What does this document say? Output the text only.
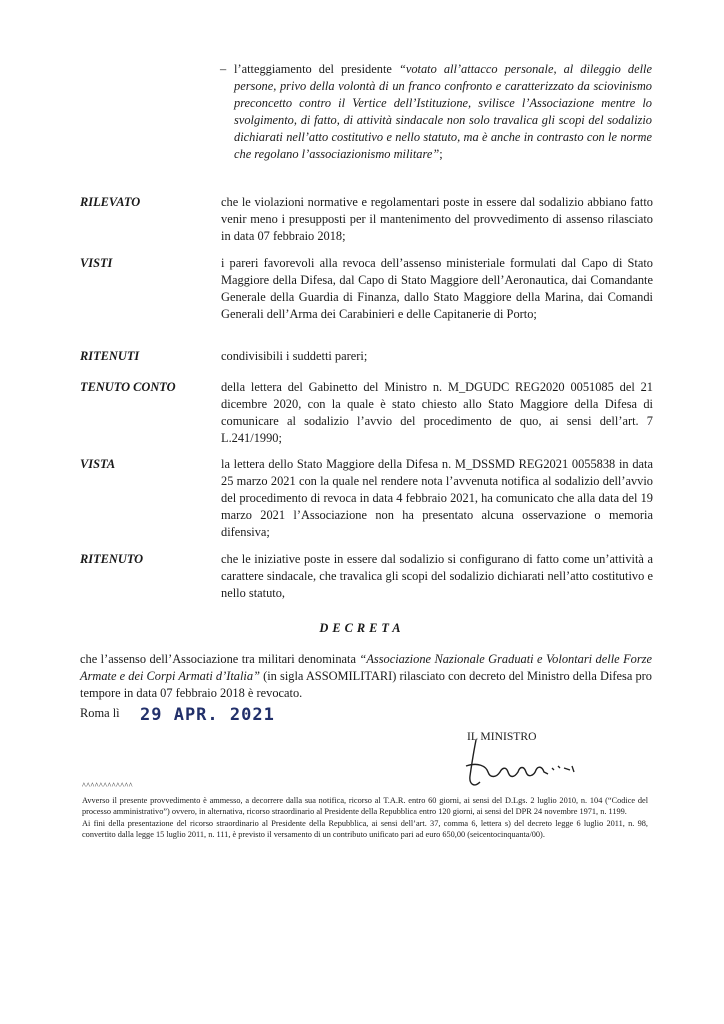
– l’atteggiamento del presidente “votato all’attacco personale, al dileggio delle persone, privo della volontà di un franco confronto e caratterizzato da sciovinismo preconcetto contro il Vertice dell’Istituzione, svilisce l’Associazione mentre lo svolgimento, di fatto, di attività sindacale non solo travalica gli scopi del sodalizio dichiarati nell’atto costitutivo e nello statuto, ma è anche in contrasto con le norme che regolano l’associazionismo militare”;
RILEVATO	che le violazioni normative e regolamentari poste in essere dal sodalizio abbiano fatto venir meno i presupposti per il mantenimento del provvedimento di assenso rilasciato in data 07 febbraio 2018;
VISTI	i pareri favorevoli alla revoca dell’assenso ministeriale formulati dal Capo di Stato Maggiore della Difesa, dal Capo di Stato Maggiore dell’Aeronautica, dai Comandante Generale della Guardia di Finanza, dallo Stato Maggiore della Marina, dai Comandi Generali dell’Arma dei Carabinieri e delle Capitanerie di Porto;
RITENUTI	condivisibili i suddetti pareri;
TENUTO CONTO	della lettera del Gabinetto del Ministro n. M_DGUDC REG2020 0051085 del 21 dicembre 2020, con la quale è stato chiesto allo Stato Maggiore della Difesa di comunicare al sodalizio l’avvio del procedimento de quo, ai sensi dell’art. 7 L.241/1990;
VISTA	la lettera dello Stato Maggiore della Difesa n. M_DSSMD REG2021 0055838 in data 25 marzo 2021 con la quale nel rendere nota l’avvenuta notifica al sodalizio dell’avvio del procedimento di revoca in data 4 febbraio 2021, ha comunicato che alla data del 19 marzo 2021 l’Associazione non ha presentato alcuna osservazione o memoria difensiva;
RITENUTO	che le iniziative poste in essere dal sodalizio si configurano di fatto come un’attività a carattere sindacale, che travalica gli scopi del sodalizio dichiarati nell’atto costitutivo e nello statuto,
DECRETA
che l’assenso dell’Associazione tra militari denominata “Associazione Nazionale Graduati e Volontari delle Forze Armate e dei Corpi Armati d’Italia” (in sigla ASSOMILITARI) rilasciato con decreto del Ministro della Difesa pro tempore in data 07 febbraio 2018 è revocato.
Roma lì 29 APR. 2021
IL MINISTRO
^^^^^^^^^^^^

Avverso il presente provvedimento è ammesso, a decorrere dalla sua notifica, ricorso al T.A.R. entro 60 giorni, ai sensi del D.Lgs. 2 luglio 2010, n. 104 (“Codice del processo amministrativo”) ovvero, in alternativa, ricorso straordinario al Presidente della Repubblica entro 120 giorni, ai sensi del DPR 24 novembre 1971, n. 1199.

Ai fini della presentazione del ricorso straordinario al Presidente della Repubblica, ai sensi dell’art. 37, comma 6, lettera s) del decreto legge 6 luglio 2011, n. 98, convertito dalla legge 15 luglio 2011, n. 111, è previsto il versamento di un contributo unificato pari ad euro 650,00 (seicentocinquanta/00).
